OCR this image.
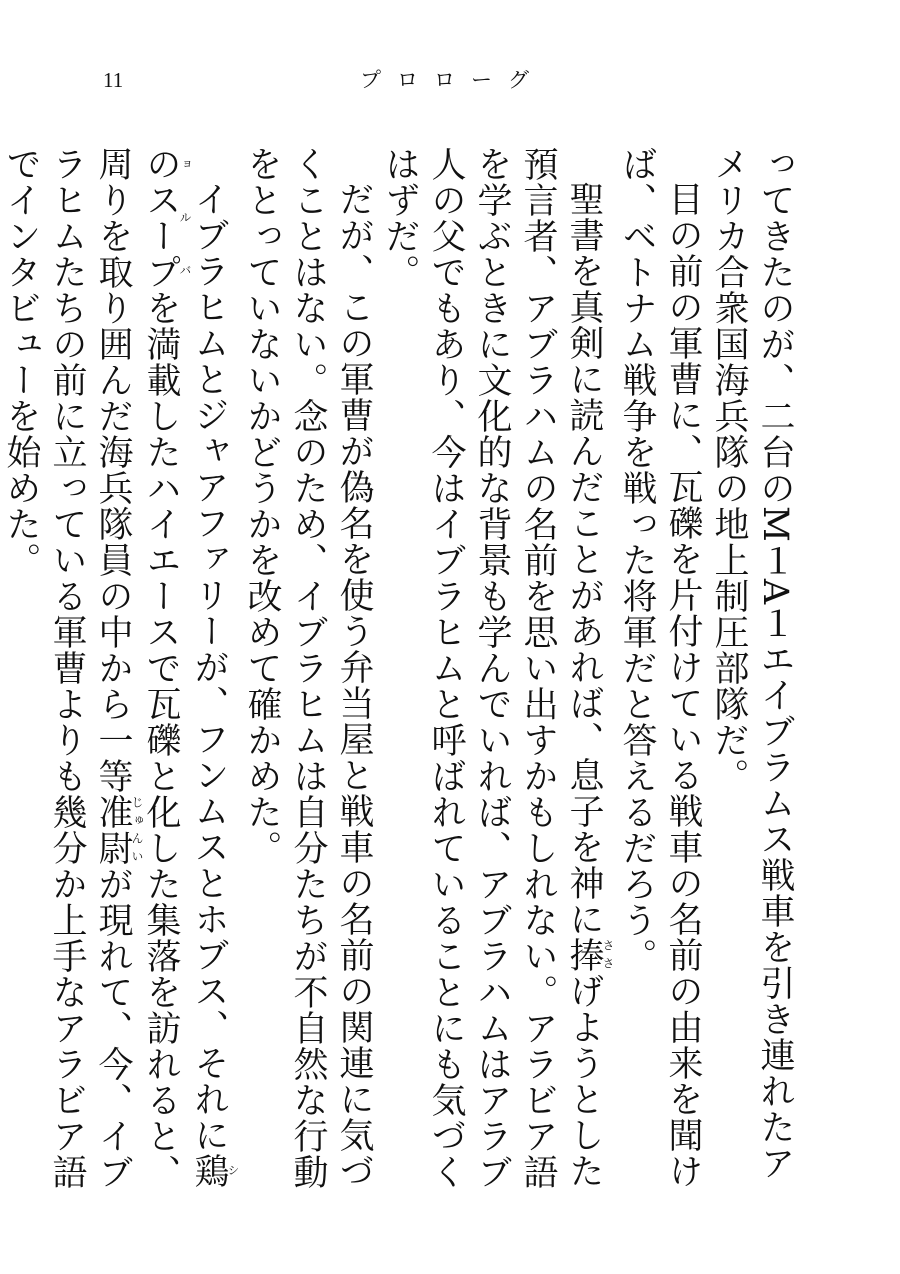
11	プロローグ

ってきたのが、二台のM１A１エイブラムス戦車を引き連れたアメリカ合衆国海兵隊の地上制圧部隊だ。

目の前の軍曹に、瓦礫を片付けている戦車の名前の由来を聞けば、ベトナム戦争を戦った将軍だと答えるだろう。

聖書を真剣に読んだことがあれば、息子を神に捧ささげようとした預言者、アブラハムの名前を思い出すかもしれない。アラビア語を学ぶときに文化的な背景も学んでいれば、アブラハムはアラブ人の父でもあり、今はイブラヒムと呼ばれていることにも気づくはずだ。

だが、この軍曹が偽名を使う弁当屋と戦車の名前の関連に気づくことはない。念のため、イブラヒムは自分たちが不自然な行動をとっていないかどうかを改めて確かめた。

イブラヒムとジャアファリーが、フンムスとホブス、それに鶏のスープショルバを満載したハイエースで瓦礫と化した集落を訪れると、周りを取り囲んだ海兵隊員の中から一等准尉じゅんいが現れて、今、イブラヒムたちの前に立っている軍曹よりも幾分か上手なアラビア語でインタビューを始めた。
